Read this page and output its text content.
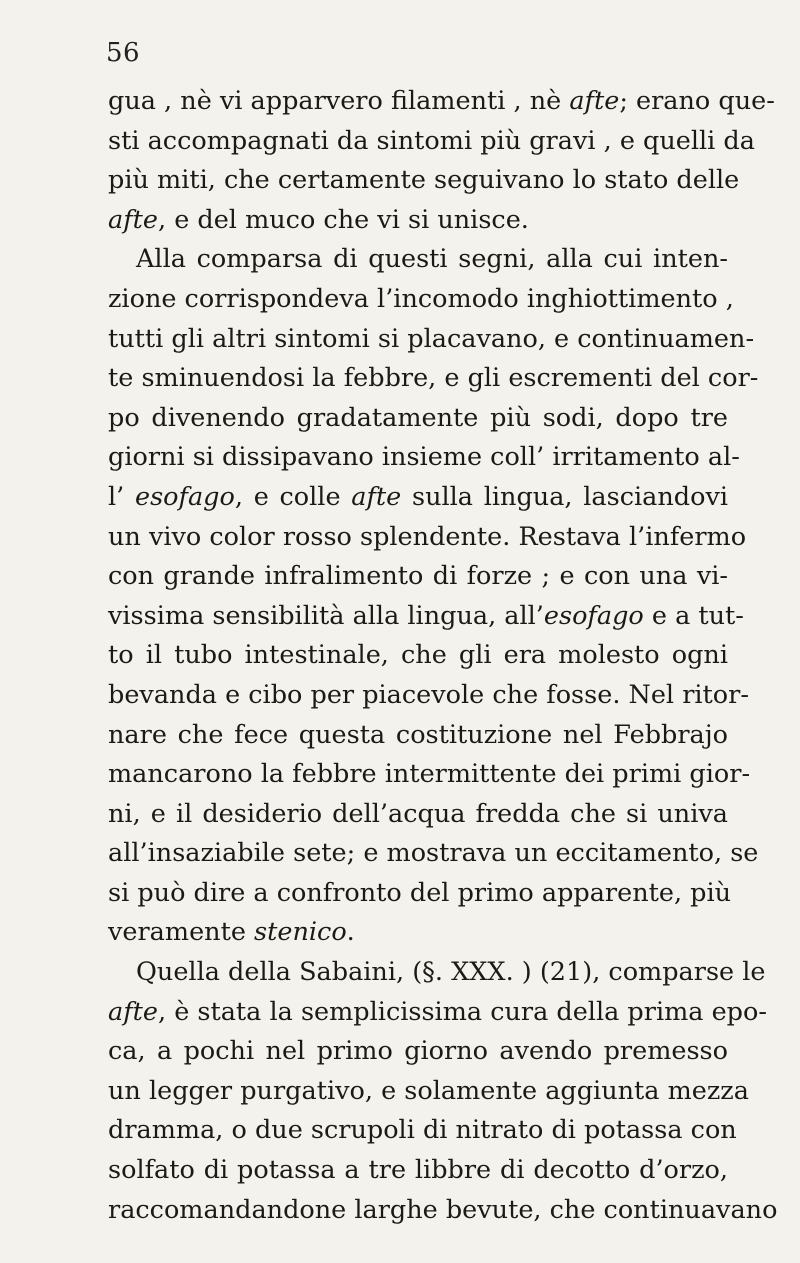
56
gua , nè vi apparvero filamenti , nè afte; erano que-
sti accompagnati da sintomi più gravi , e quelli da
più miti, che certamente seguivano lo stato delle
afte, e del muco che vi si unisce.
Alla comparsa di questi segni, alla cui inten-
zione corrispondeva l’incomodo inghiottimento ,
tutti gli altri sintomi si placavano, e continuamen-
te sminuendosi la febbre, e gli escrementi del cor-
po divenendo gradatamente più sodi, dopo tre
giorni si dissipavano insieme coll’ irritamento al-
l’ esofago, e colle afte sulla lingua, lasciandovi
un vivo color rosso splendente. Restava l’infermo
con grande infralimento di forze ; e con una vi-
vissima sensibilità alla lingua, all’esofago e a tut-
to il tubo intestinale, che gli era molesto ogni
bevanda e cibo per piacevole che fosse. Nel ritor-
nare che fece questa costituzione nel Febbrajo
mancarono la febbre intermittente dei primi gior-
ni, e il desiderio dell’acqua fredda che si univa
all’insaziabile sete; e mostrava un eccitamento, se
si può dire a confronto del primo apparente, più
veramente stenico.
Quella della Sabaini, (§. XXX. ) (21), comparse le
afte, è stata la semplicissima cura della prima epo-
ca, a pochi nel primo giorno avendo premesso
un legger purgativo, e solamente aggiunta mezza
dramma, o due scrupoli di nitrato di potassa con
solfato di potassa a tre libbre di decotto d’orzo,
raccomandandone larghe bevute, che continuavano
